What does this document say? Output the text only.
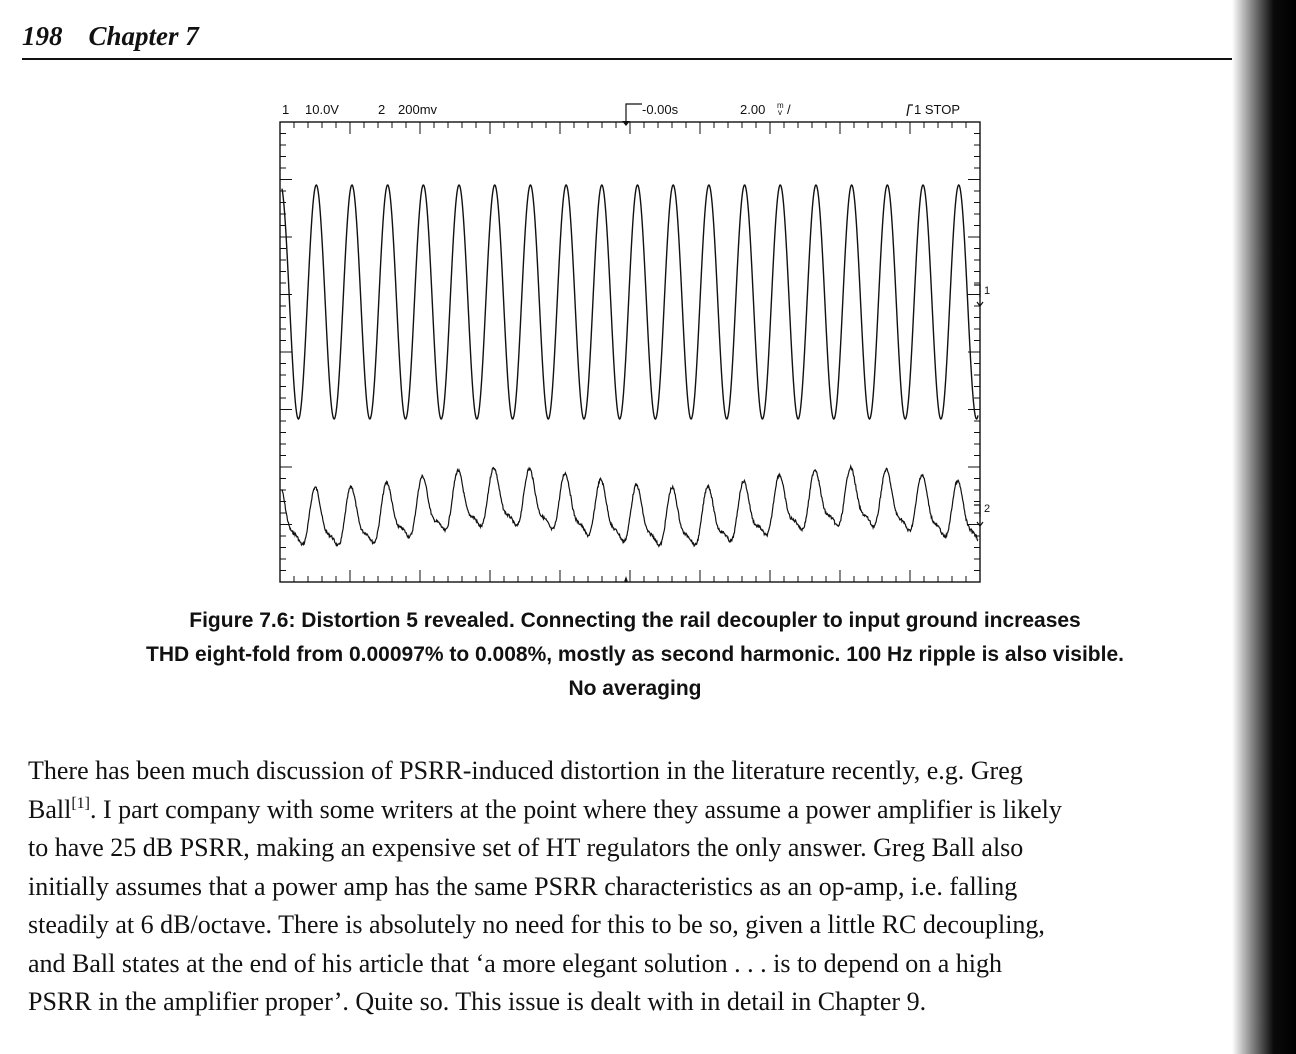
198 Chapter 7
1 10.0V	2 200mv	-0.00s	2.00 m
v /	1 STOP
1
2
Figure 7.6: Distortion 5 revealed. Connecting the rail decoupler to input ground increases
THD eight-fold from 0.00097% to 0.008%, mostly as second harmonic. 100 Hz ripple is also visible.
No averaging
There has been much discussion of PSRR-induced distortion in the literature recently, e.g. Greg
Ball[1]. I part company with some writers at the point where they assume a power amplifier is likely
to have 25 dB PSRR, making an expensive set of HT regulators the only answer. Greg Ball also
initially assumes that a power amp has the same PSRR characteristics as an op-amp, i.e. falling
steadily at 6 dB/octave. There is absolutely no need for this to be so, given a little RC decoupling,
and Ball states at the end of his article that ‘a more elegant solution . . . is to depend on a high
PSRR in the amplifier proper’. Quite so. This issue is dealt with in detail in Chapter 9.
